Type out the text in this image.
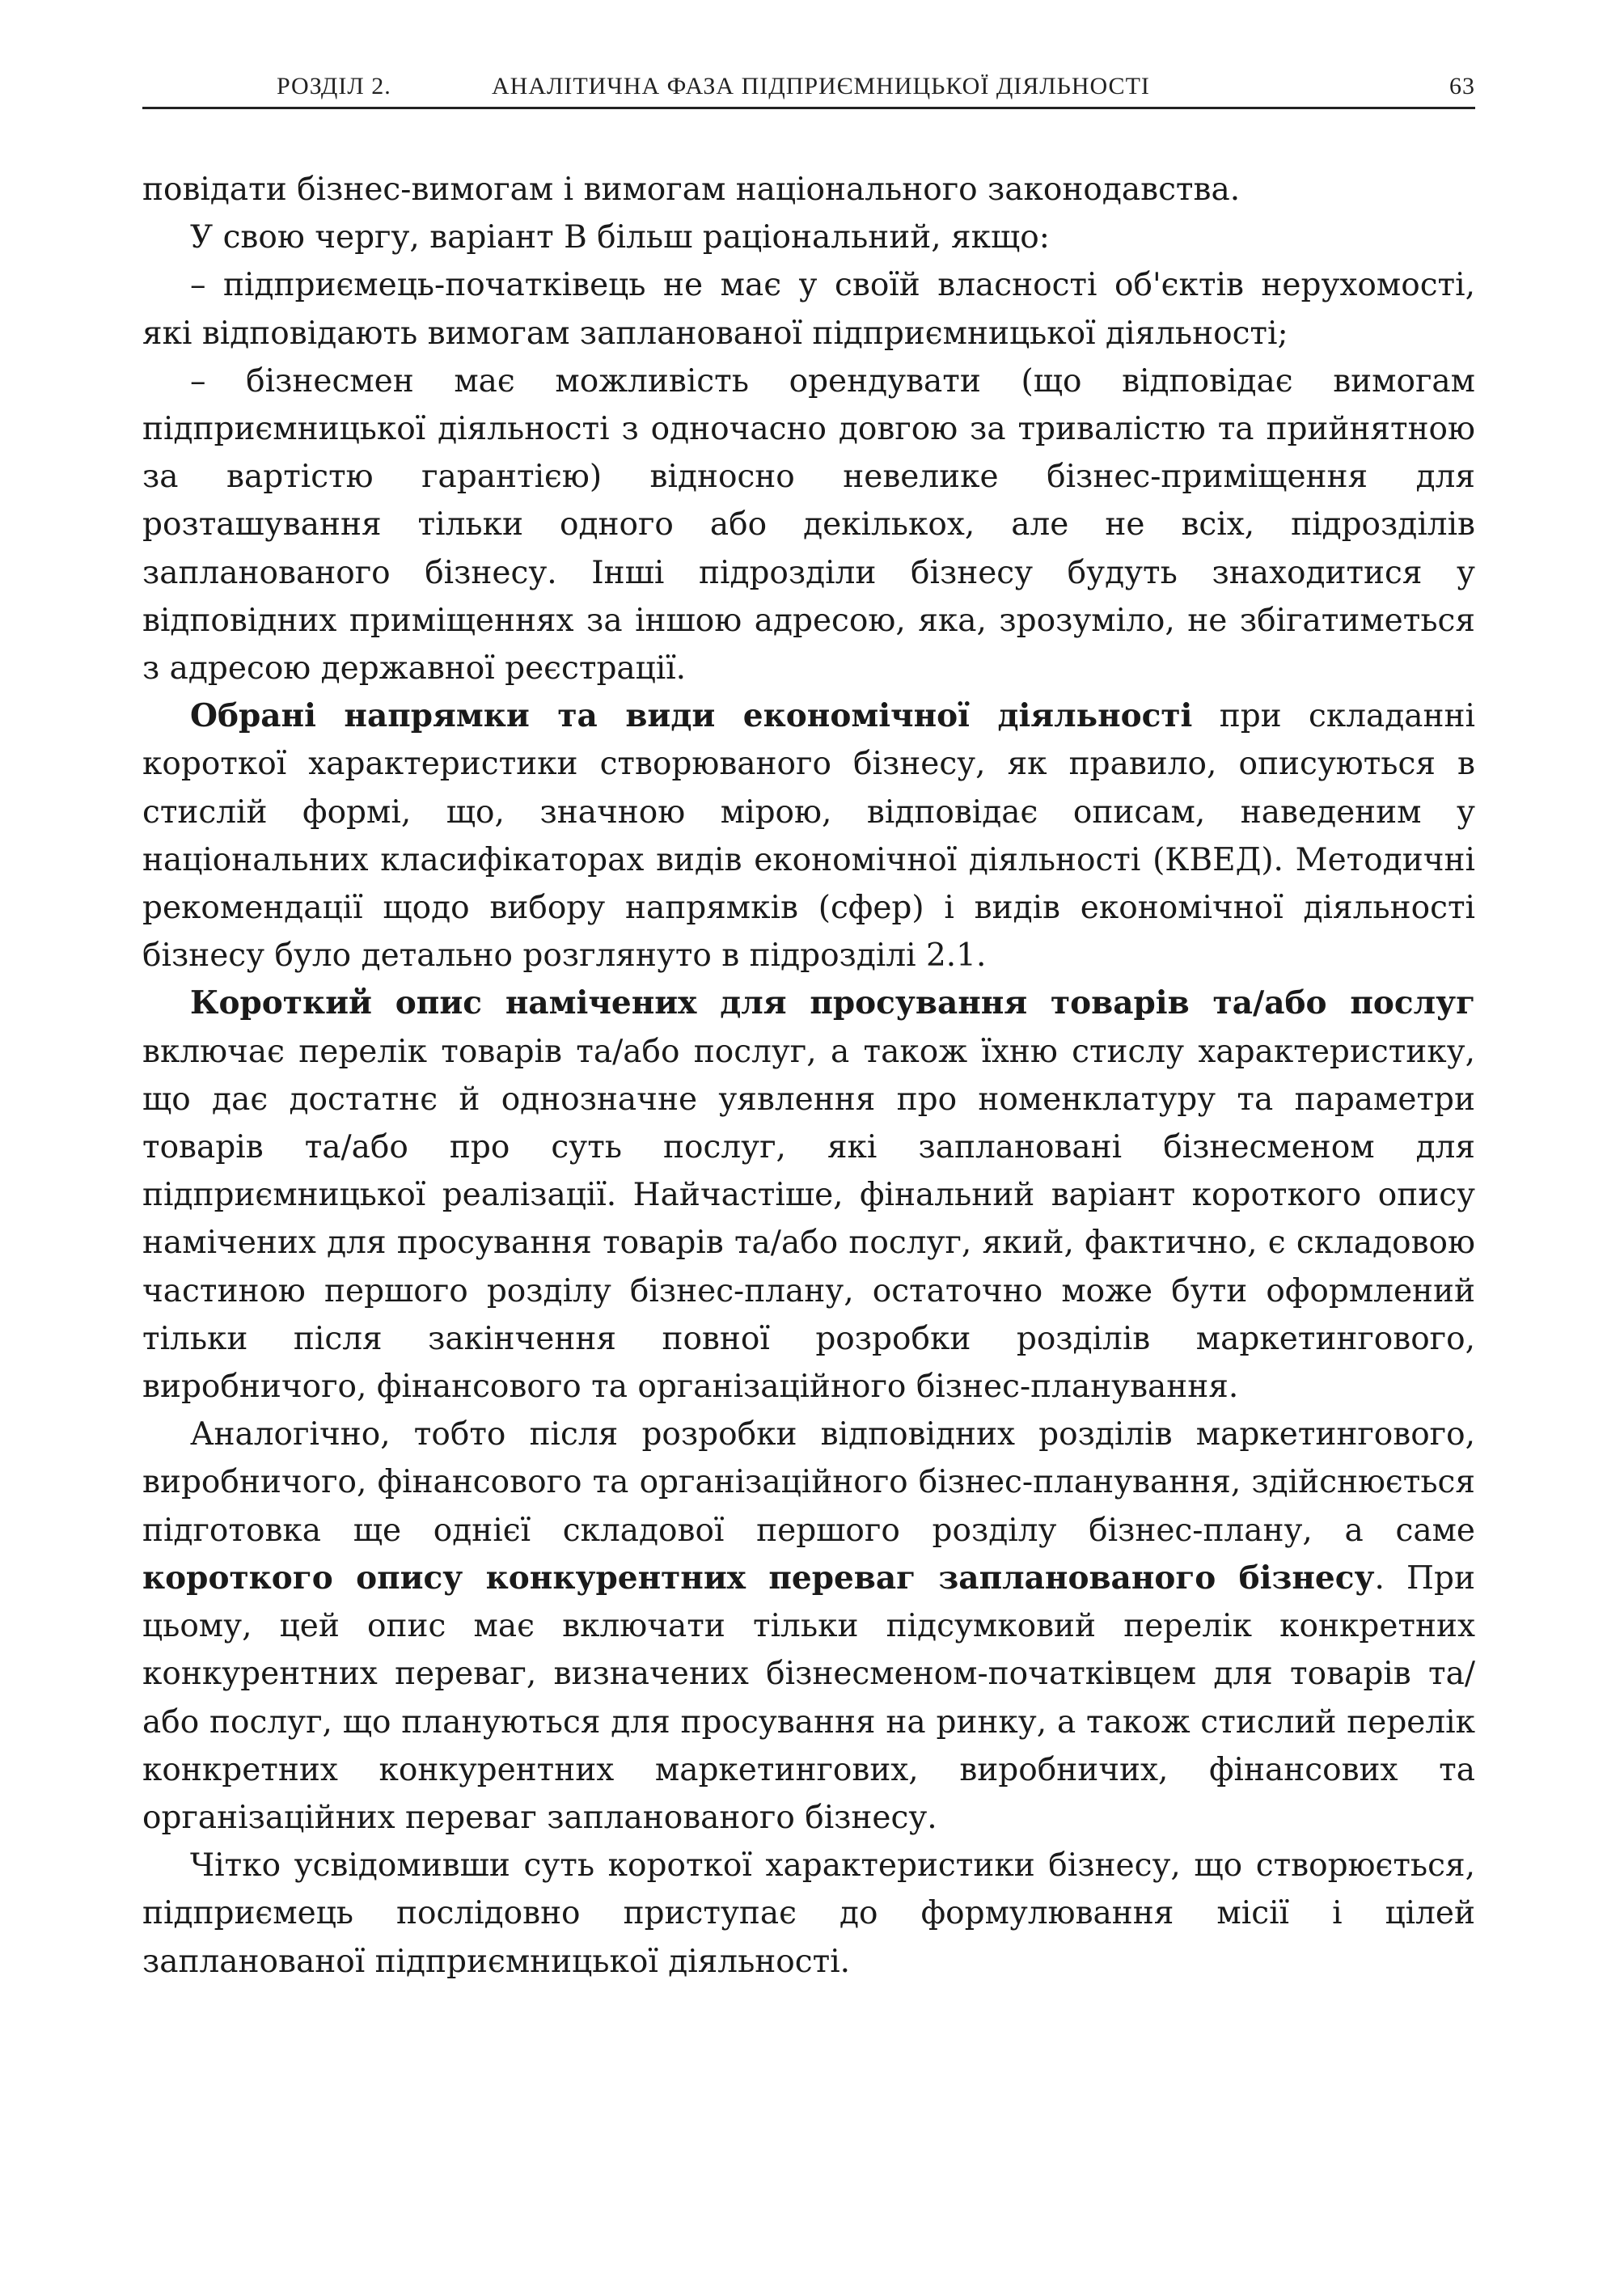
РОЗДІЛ 2.	АНАЛІТИЧНА ФАЗА ПІДПРИЄМНИЦЬКОЇ ДІЯЛЬНОСТІ	63

повідати бізнес-вимогам і вимогам національного законодавства.

У свою чергу, варіант В більш раціональний, якщо:

– підприємець-початківець не має у своїй власності об'єктів нерухомості, які відповідають вимогам запланованої підприємницької діяльності;

– бізнесмен має можливість орендувати (що відповідає вимогам підприємницької діяльності з одночасно довгою за тривалістю та прийнятною за вартістю гарантією) відносно невелике бізнес-приміщення для розташування тільки одного або декількох, але не всіх, підрозділів запланованого бізнесу. Інші підрозділи бізнесу будуть знаходитися у відповідних приміщеннях за іншою адресою, яка, зрозуміло, не збігатиметься з адресою державної реєстрації.

Обрані напрямки та види економічної діяльності при складанні короткої характеристики створюваного бізнесу, як правило, описуються в стислій формі, що, значною мірою, відповідає описам, наведеним у національних класифікаторах видів економічної діяльності (КВЕД). Методичні рекомендації щодо вибору напрямків (сфер) і видів економічної діяльності бізнесу було детально розглянуто в підрозділі 2.1.

Короткий опис намічених для просування товарів та/або послуг включає перелік товарів та/або послуг, а також їхню стислу характеристику, що дає достатнє й однозначне уявлення про номенклатуру та параметри товарів та/або про суть послуг, які заплановані бізнесменом для підприємницької реалізації. Найчастіше, фінальний варіант короткого опису намічених для просування товарів та/або послуг, який, фактично, є складовою частиною першого розділу бізнес-плану, остаточно може бути оформлений тільки після закінчення повної розробки розділів маркетингового, виробничого, фінансового та організаційного бізнес-планування.

Аналогічно, тобто після розробки відповідних розділів маркетингового, виробничого, фінансового та організаційного бізнес-планування, здійснюється підготовка ще однієї складової першого розділу бізнес-плану, а саме короткого опису конкурентних переваг запланованого бізнесу. При цьому, цей опис має включати тільки підсумковий перелік конкретних конкурентних переваг, визначених бізнесменом-початківцем для товарів та/або послуг, що плануються для просування на ринку, а також стислий перелік конкретних конкурентних маркетингових, виробничих, фінансових та організаційних переваг запланованого бізнесу.

Чітко усвідомивши суть короткої характеристики бізнесу, що створюється, підприємець послідовно приступає до формулювання місії і цілей запланованої підприємницької діяльності.
